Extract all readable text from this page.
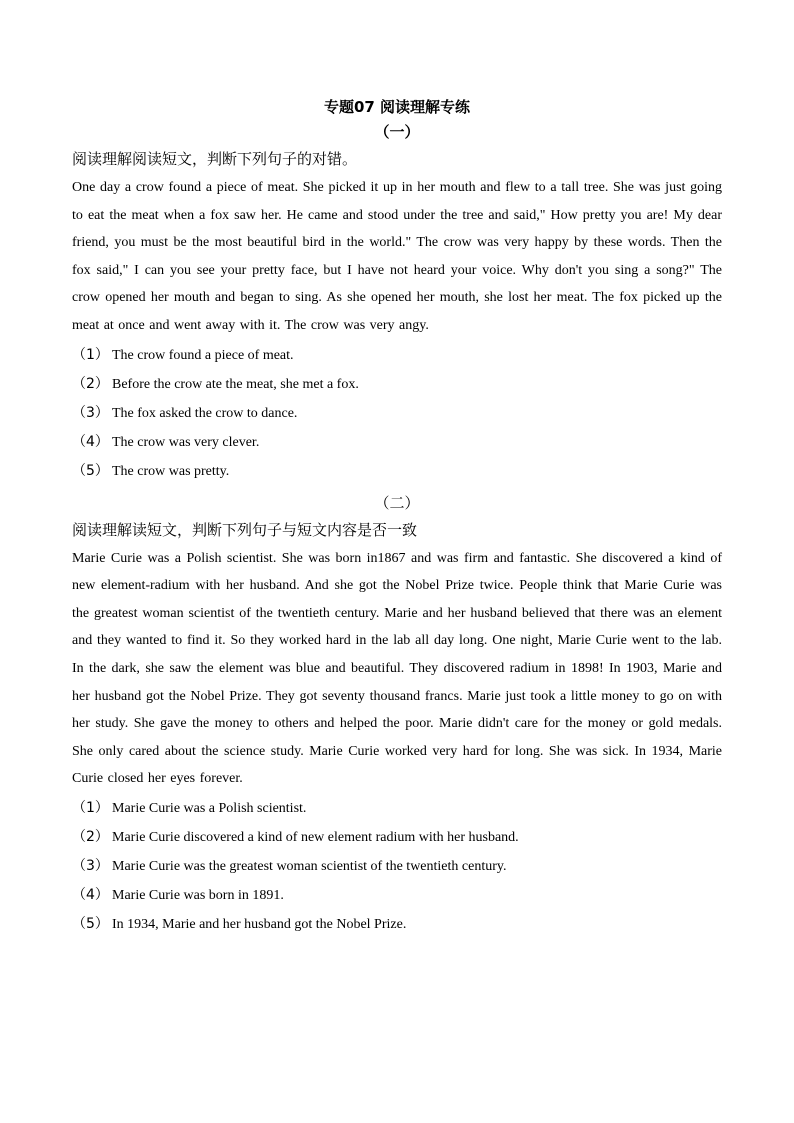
专题07 阅读理解专练
（一）
阅读理解阅读短文，判断下列句子的对错。

One day a crow found a piece of meat. She picked it up in her mouth and flew to a tall tree. She was just going to eat the meat when a fox saw her. He came and stood under the tree and said," How pretty you are! My dear friend, you must be the most beautiful bird in the world." The crow was very happy by these words. Then the fox said," I can you see your pretty face, but I have not heard your voice. Why don't you sing a song?" The crow opened her mouth and began to sing. As she opened her mouth, she lost her meat. The fox picked up the meat at once and went away with it. The crow was very angy.

（1） The crow found a piece of meat.
（2） Before the crow ate the meat, she met a fox.
（3） The fox asked the crow to dance.
（4） The crow was very clever.
（5） The crow was pretty.
（二）
阅读理解读短文，判断下列句子与短文内容是否一致

Marie Curie was a Polish scientist. She was born in1867 and was firm and fantastic. She discovered a kind of new element-radium with her husband. And she got the Nobel Prize twice. People think that Marie Curie was the greatest woman scientist of the twentieth century. Marie and her husband believed that there was an element and they wanted to find it. So they worked hard in the lab all day long. One night, Marie Curie went to the lab. In the dark, she saw the element was blue and beautiful. They discovered radium in 1898! In 1903, Marie and her husband got the Nobel Prize. They got seventy thousand francs. Marie just took a little money to go on with her study. She gave the money to others and helped the poor. Marie didn't care for the money or gold medals. She only cared about the science study. Marie Curie worked very hard for long. She was sick. In 1934, Marie Curie closed her eyes forever.

（1） Marie Curie was a Polish scientist.
（2） Marie Curie discovered a kind of new element radium with her husband.
（3） Marie Curie was the greatest woman scientist of the twentieth century.
（4） Marie Curie was born in 1891.
（5） In 1934, Marie and her husband got the Nobel Prize.
